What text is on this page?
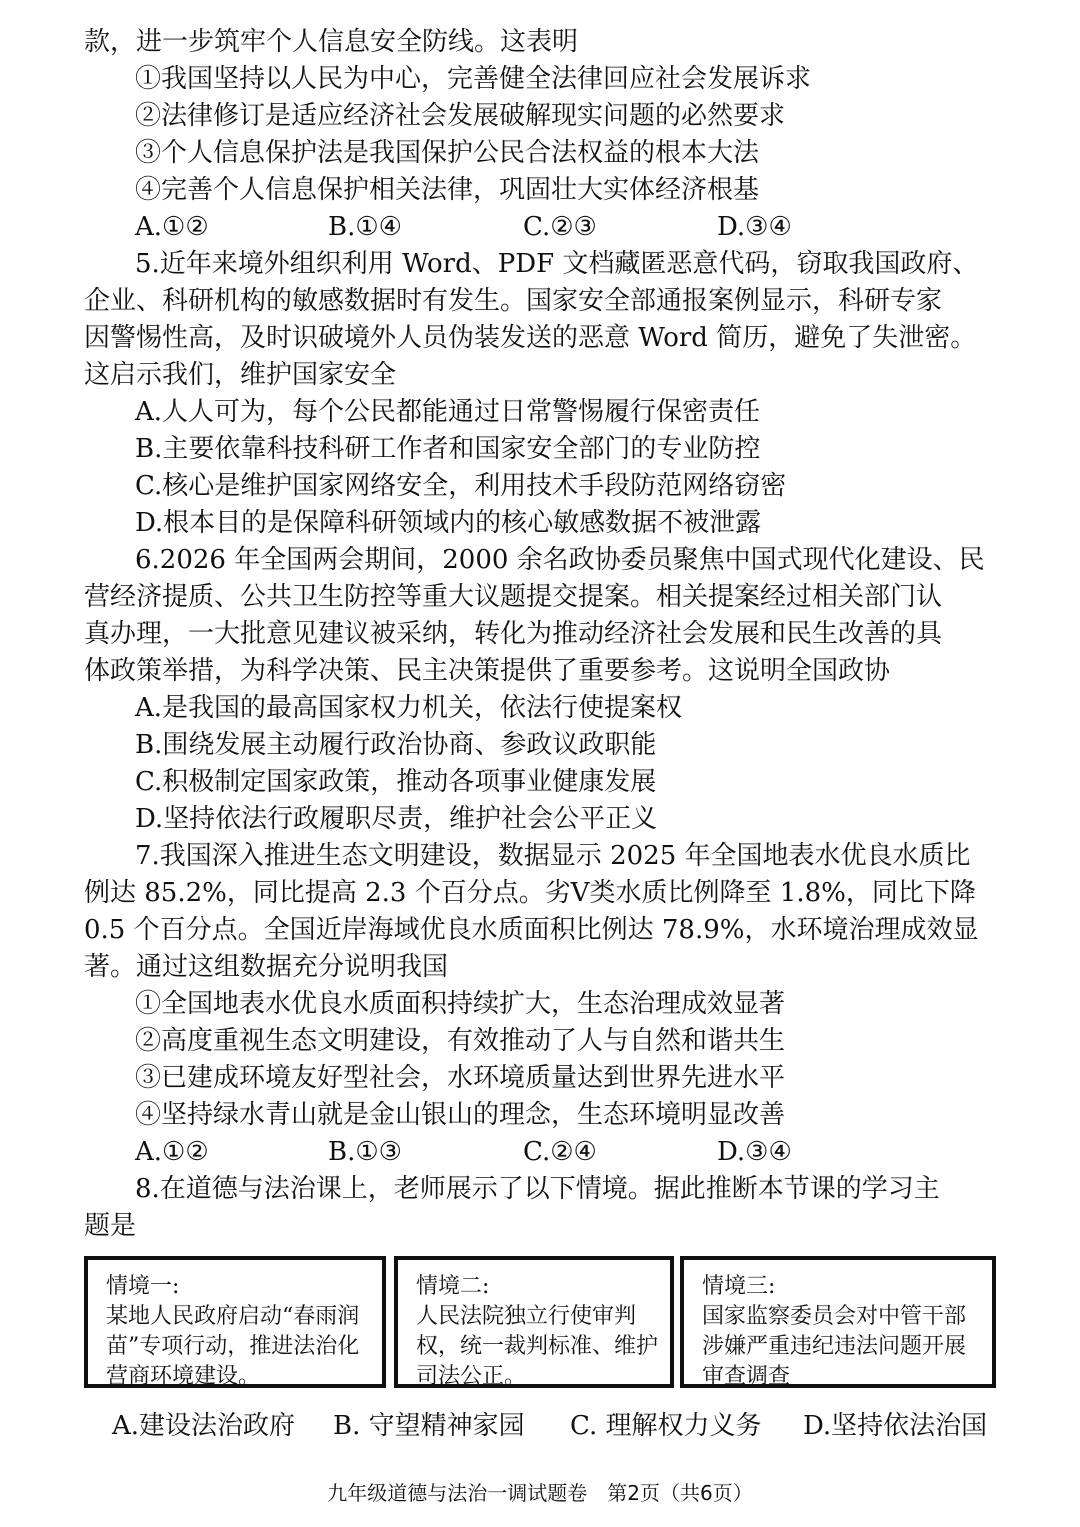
款，进一步筑牢个人信息安全防线。这表明
①我国坚持以人民为中心，完善健全法律回应社会发展诉求
②法律修订是适应经济社会发展破解现实问题的必然要求
③个人信息保护法是我国保护公民合法权益的根本大法
④完善个人信息保护相关法律，巩固壮大实体经济根基
A.①②	B.①④	C.②③	D.③④
5.近年来境外组织利用 Word、PDF 文档藏匿恶意代码，窃取我国政府、
企业、科研机构的敏感数据时有发生。国家安全部通报案例显示，科研专家
因警惕性高，及时识破境外人员伪装发送的恶意 Word 简历，避免了失泄密。
这启示我们，维护国家安全
A.人人可为，每个公民都能通过日常警惕履行保密责任
B.主要依靠科技科研工作者和国家安全部门的专业防控
C.核心是维护国家网络安全，利用技术手段防范网络窃密
D.根本目的是保障科研领域内的核心敏感数据不被泄露
6.2026 年全国两会期间，2000 余名政协委员聚焦中国式现代化建设、民
营经济提质、公共卫生防控等重大议题提交提案。相关提案经过相关部门认
真办理，一大批意见建议被采纳，转化为推动经济社会发展和民生改善的具
体政策举措，为科学决策、民主决策提供了重要参考。这说明全国政协
A.是我国的最高国家权力机关，依法行使提案权
B.围绕发展主动履行政治协商、参政议政职能
C.积极制定国家政策，推动各项事业健康发展
D.坚持依法行政履职尽责，维护社会公平正义
7.我国深入推进生态文明建设，数据显示 2025 年全国地表水优良水质比
例达 85.2%，同比提高 2.3 个百分点。劣Ⅴ类水质比例降至 1.8%，同比下降
0.5 个百分点。全国近岸海域优良水质面积比例达 78.9%，水环境治理成效显
著。通过这组数据充分说明我国
①全国地表水优良水质面积持续扩大，生态治理成效显著
②高度重视生态文明建设，有效推动了人与自然和谐共生
③已建成环境友好型社会，水环境质量达到世界先进水平
④坚持绿水青山就是金山银山的理念，生态环境明显改善
A.①②	B.①③	C.②④	D.③④
8.在道德与法治课上，老师展示了以下情境。据此推断本节课的学习主
题是
情境一:
某地人民政府启动“春雨润苗”专项行动，推进法治化营商环境建设。
情境二:
人民法院独立行使审判权，统一裁判标准、维护司法公正。
情境三:
国家监察委员会对中管干部涉嫌严重违纪违法问题开展审查调查
A.建设法治政府 B. 守望精神家园 C. 理解权力义务 D.坚持依法治国
九年级道德与法治一调试题卷　第2页（共6页）
